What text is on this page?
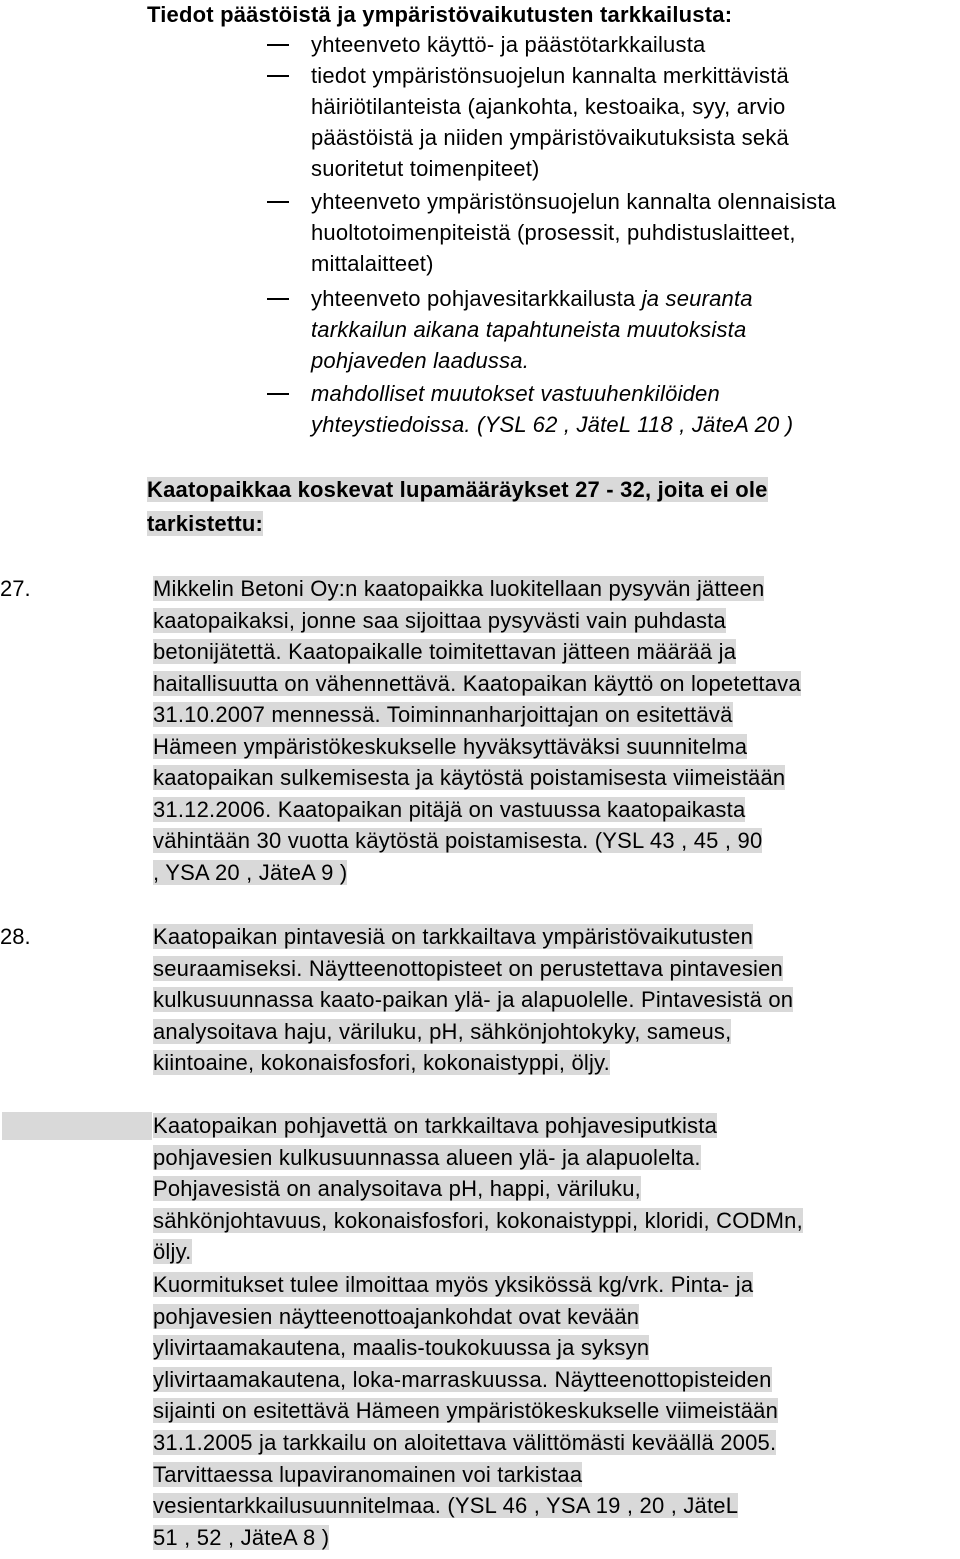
Tiedot päästöistä ja ympäristövaikutusten tarkkailusta:
yhteenveto käyttö- ja päästötarkkailusta
tiedot ympäristönsuojelun kannalta merkittävistä
häiriötilanteista (ajankohta, kestoaika, syy, arvio
päästöistä ja niiden ympäristövaikutuksista sekä
suoritetut toimenpiteet)
yhteenveto ympäristönsuojelun kannalta olennaisista
huoltotoimenpiteistä (prosessit, puhdistuslaitteet,
mittalaitteet)
yhteenveto pohjavesitarkkailusta ja seuranta
tarkkailun aikana tapahtuneista muutoksista
pohjaveden laadussa.
mahdolliset muutokset vastuuhenkilöiden
yhteystiedoissa. (YSL 62 , JäteL 118 , JäteA 20 )
Kaatopaikkaa koskevat lupamääräykset 27 - 32, joita ei ole
tarkistettu:
27.	Mikkelin Betoni Oy:n kaatopaikka luokitellaan pysyvän jätteen
kaatopaikaksi, jonne saa sijoittaa pysyvästi vain puhdasta
betonijätettä. Kaatopaikalle toimitettavan jätteen määrää ja
haitallisuutta on vähennettävä. Kaatopaikan käyttö on lopetettava
31.10.2007 mennessä. Toiminnanharjoittajan on esitettävä
Hämeen ympäristökeskukselle hyväksyttäväksi suunnitelma
kaatopaikan sulkemisesta ja käytöstä poistamisesta viimeistään
31.12.2006. Kaatopaikan pitäjä on vastuussa kaatopaikasta
vähintään 30 vuotta käytöstä poistamisesta. (YSL 43 , 45 , 90
, YSA 20 , JäteA 9 )
28.	Kaatopaikan pintavesiä on tarkkailtava ympäristövaikutusten
seuraamiseksi. Näytteenottopisteet on perustettava pintavesien
kulkusuunnassa kaato-paikan ylä- ja alapuolelle. Pintavesistä on
analysoitava haju, väriluku, pH, sähkönjohtokyky, sameus,
kiintoaine, kokonaisfosfori, kokonaistyppi, öljy.
Kaatopaikan pohjavettä on tarkkailtava pohjavesiputkista
pohjavesien kulkusuunnassa alueen ylä- ja alapuolelta.
Pohjavesistä on analysoitava pH, happi, väriluku,
sähkönjohtavuus, kokonaisfosfori, kokonaistyppi, kloridi, CODMn,
öljy.
Kuormitukset tulee ilmoittaa myös yksikössä kg/vrk. Pinta- ja
pohjavesien näytteenottoajankohdat ovat kevään
ylivirtaamakautena, maalis-toukokuussa ja syksyn
ylivirtaamakautena, loka-marraskuussa. Näytteenottopisteiden
sijainti on esitettävä Hämeen ympäristökeskukselle viimeistään
31.1.2005 ja tarkkailu on aloitettava välittömästi keväällä 2005.
Tarvittaessa lupaviranomainen voi tarkistaa
vesientarkkailusuunnitelmaa. (YSL 46 , YSA 19 , 20 , JäteL
51 , 52 , JäteA 8 )
